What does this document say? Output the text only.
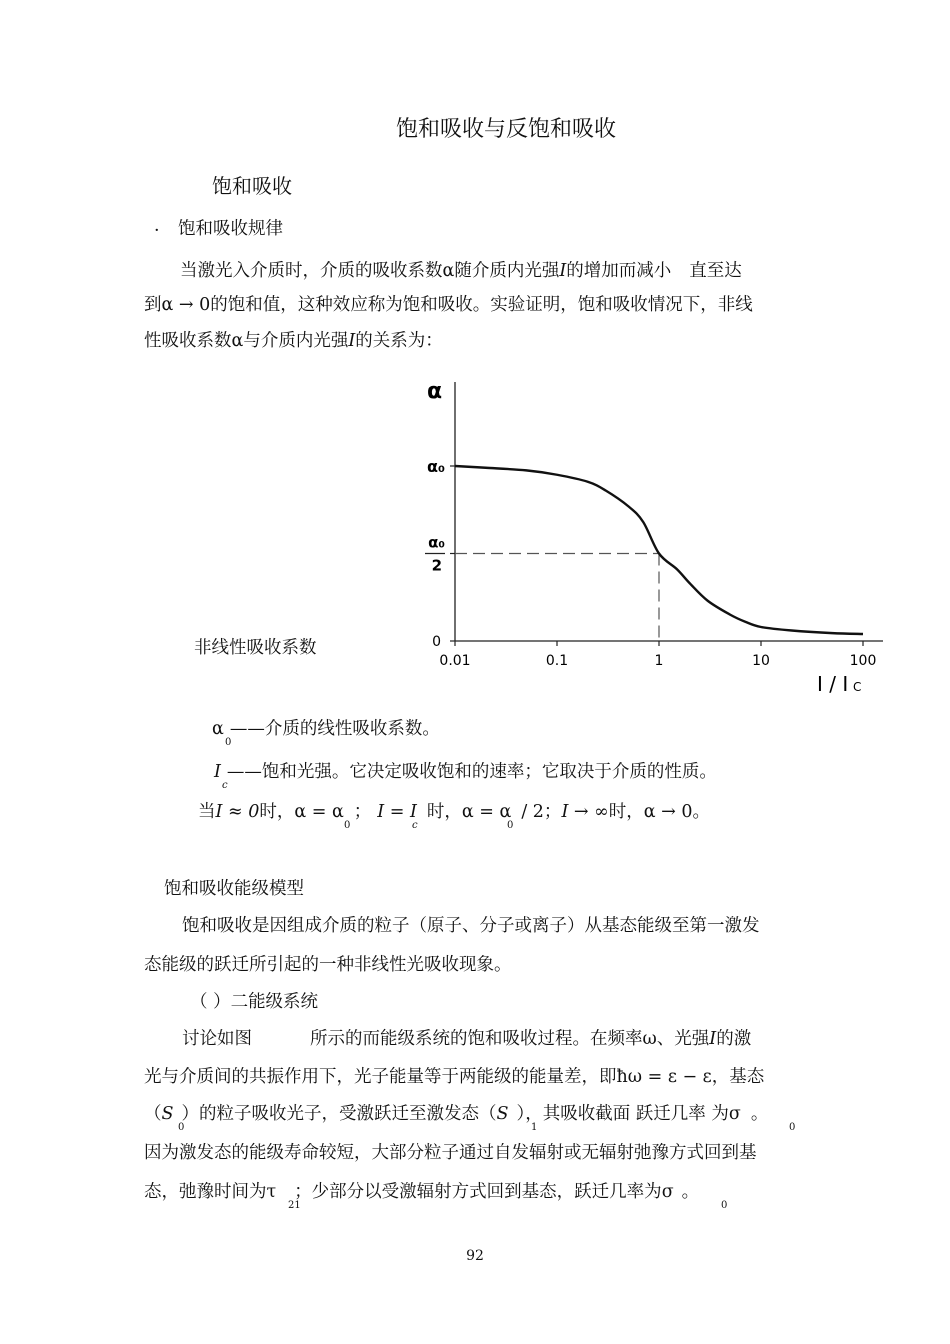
饱和吸收与反饱和吸收
饱和吸收
· 饱和吸收规律
当激光入介质时，介质的吸收系数α随介质内光强I的增加而减小 直至达
到α → 0的饱和值，这种效应称为饱和吸收。实验证明，饱和吸收情况下，非线
性吸收系数α与介质内光强I的关系为：
0.01	0.1	1	10	100
0
α₀
α₀
2
α
I / I C
非线性吸收系数
α ——介质的线性吸收系数。
0
I ——饱和光强。它决定吸收饱和的速率；它取决于介质的性质。
c
当I ≈ 0时，α = α ； I = I 时，α = α / 2；I → ∞时，α → 0。
0	c	0
饱和吸收能级模型
饱和吸收是因组成介质的粒子（原子、分子或离子）从基态能级至第一激发
态能级的跃迁所引起的一种非线性光吸收现象。
（ ）二能级系统
讨论如图	所示的而能级系统的饱和吸收过程。在频率ω、光强I的激
光与介质间的共振作用下，光子能量等于两能级的能量差，即ħω = ε − ε，基态
（S ）的粒子吸收光子，受激跃迁至激发态（S ），其吸收截面 跃迁几率 为σ 。
0	1	0
因为激发态的能级寿命较短，大部分粒子通过自发辐射或无辐射弛豫方式回到基
态，弛豫时间为τ ；少部分以受激辐射方式回到基态，跃迁几率为σ 。
21	0
92
